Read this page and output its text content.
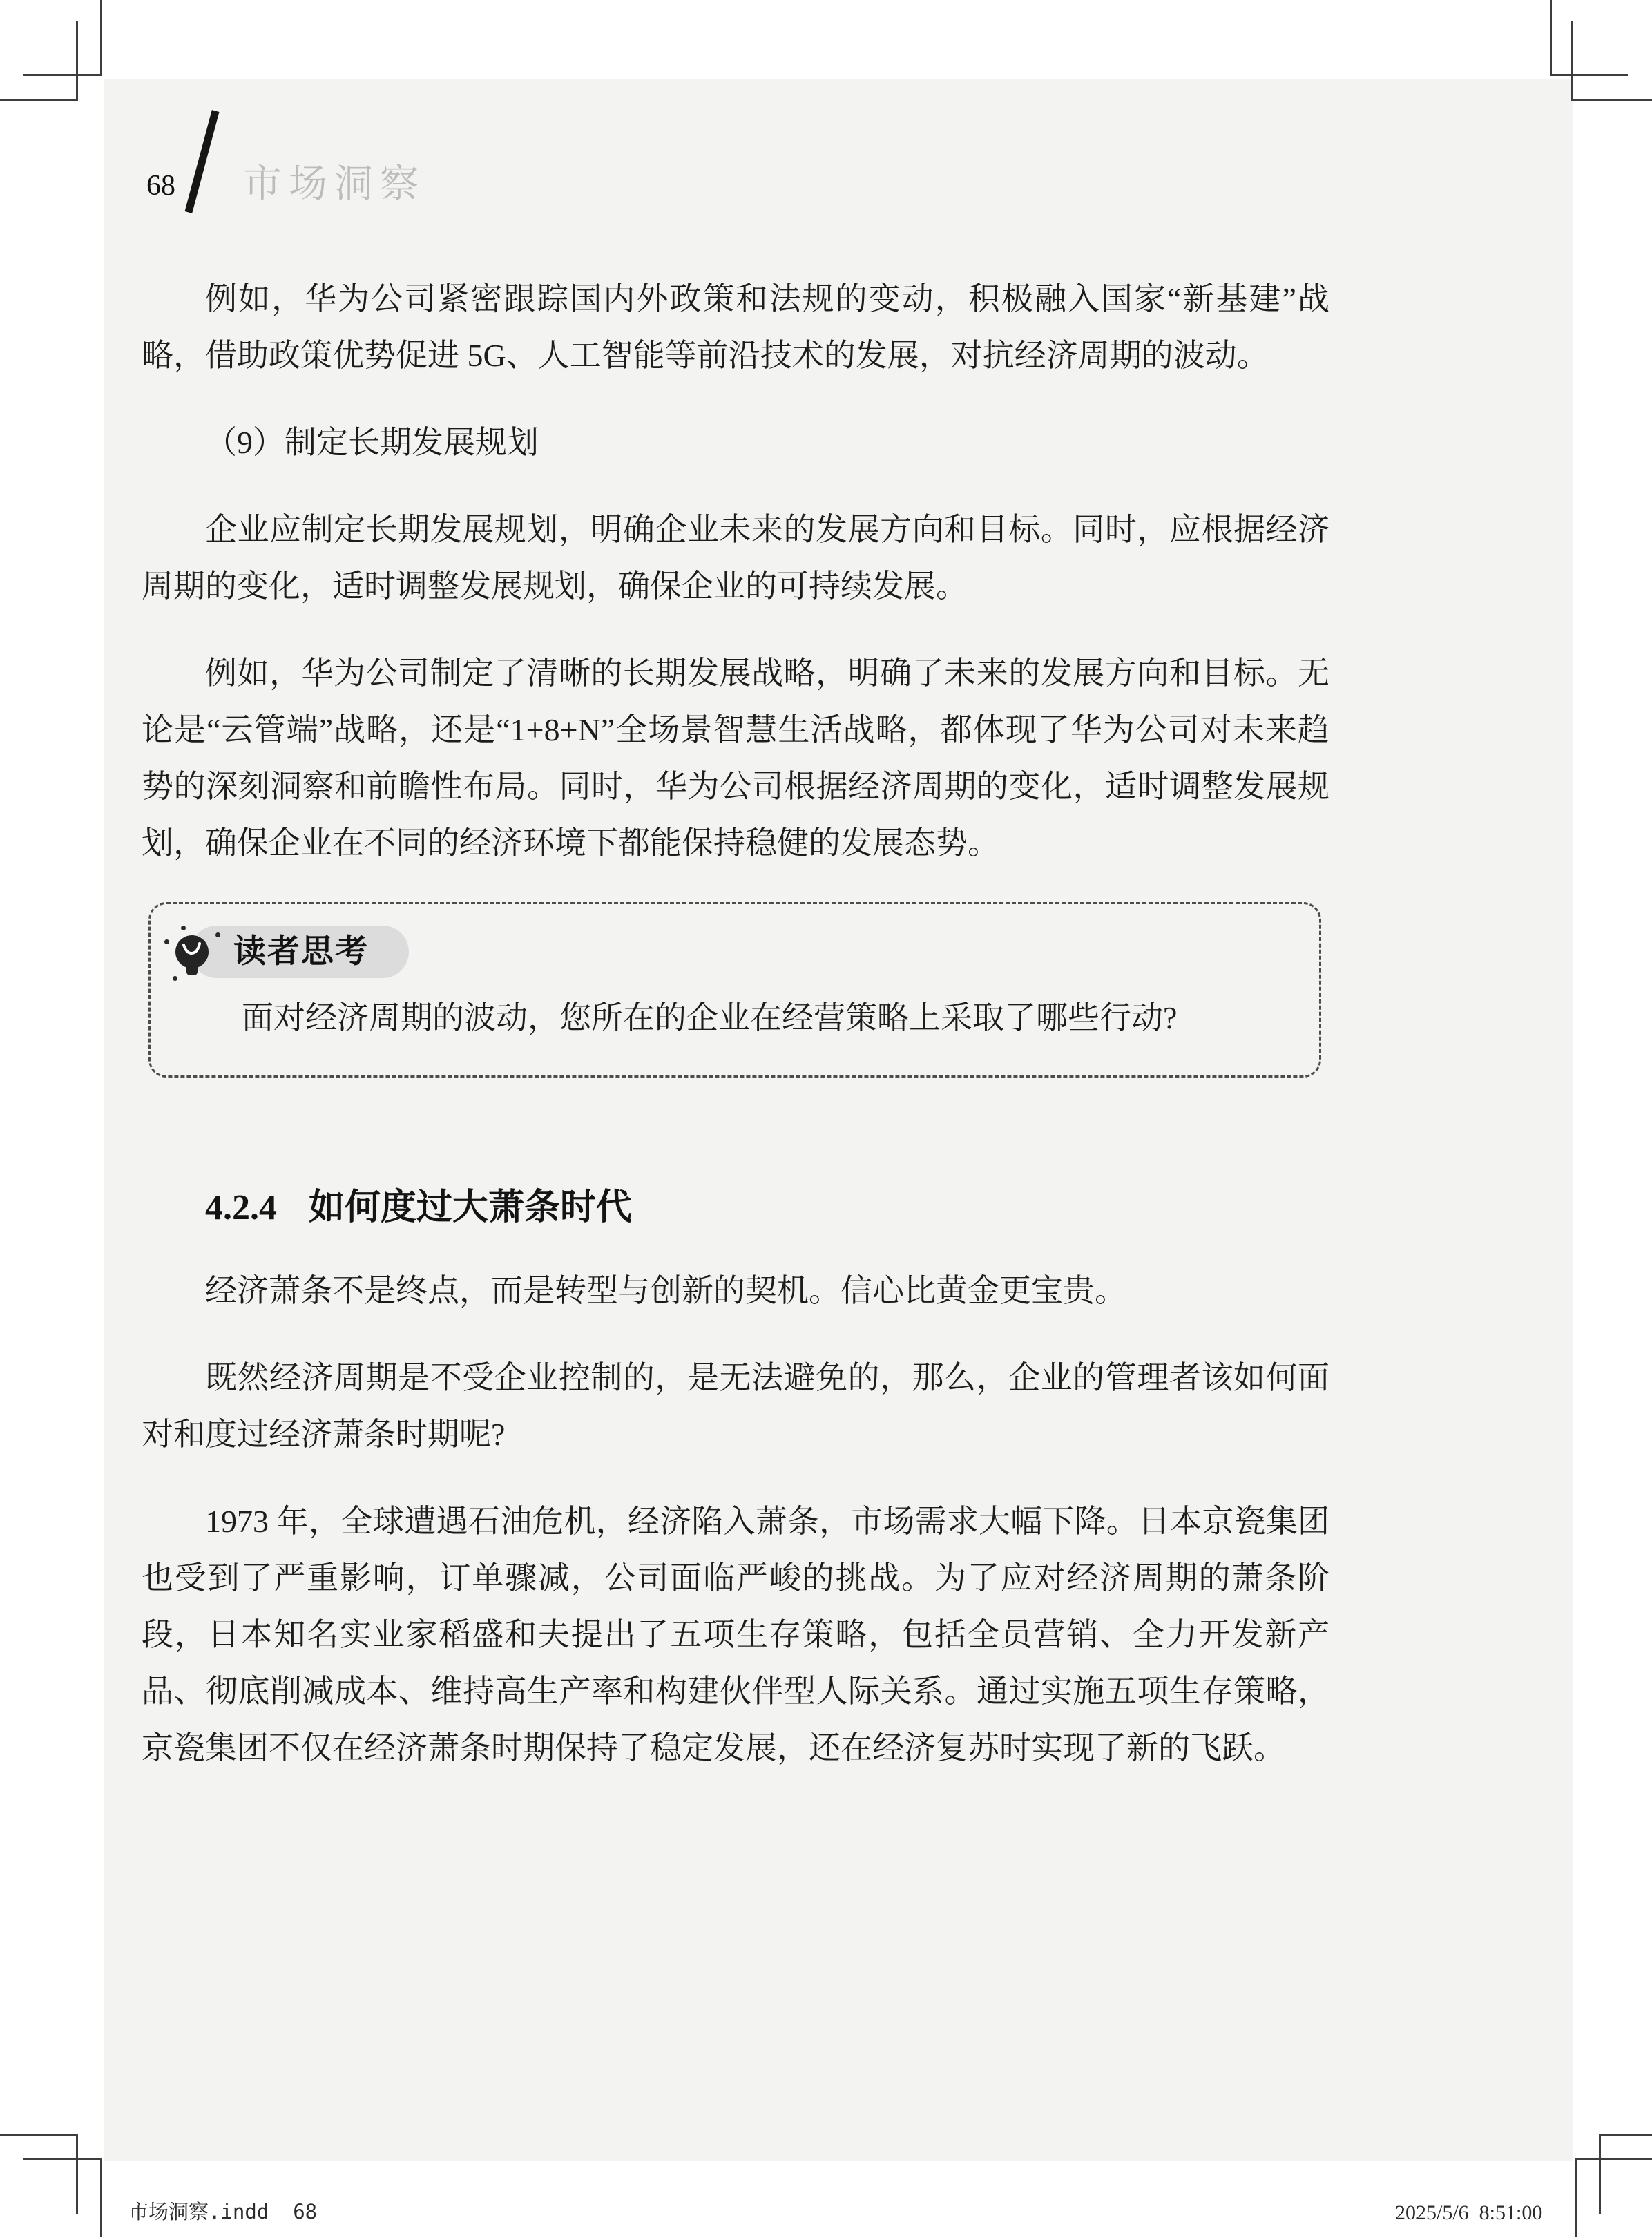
68 市场洞察

例如，华为公司紧密跟踪国内外政策和法规的变动，积极融入国家“新基建”战略，借助政策优势促进 5G、人工智能等前沿技术的发展，对抗经济周期的波动。

（9）制定长期发展规划

企业应制定长期发展规划，明确企业未来的发展方向和目标。同时，应根据经济周期的变化，适时调整发展规划，确保企业的可持续发展。

例如，华为公司制定了清晰的长期发展战略，明确了未来的发展方向和目标。无论是“云管端”战略，还是“1+8+N”全场景智慧生活战略，都体现了华为公司对未来趋势的深刻洞察和前瞻性布局。同时，华为公司根据经济周期的变化，适时调整发展规划，确保企业在不同的经济环境下都能保持稳健的发展态势。

读者思考
面对经济周期的波动，您所在的企业在经营策略上采取了哪些行动?
4.2.4 如何度过大萧条时代

经济萧条不是终点，而是转型与创新的契机。信心比黄金更宝贵。

既然经济周期是不受企业控制的，是无法避免的，那么，企业的管理者该如何面对和度过经济萧条时期呢?

1973 年，全球遭遇石油危机，经济陷入萧条，市场需求大幅下降。日本京瓷集团也受到了严重影响，订单骤减，公司面临严峻的挑战。为了应对经济周期的萧条阶段，日本知名实业家稻盛和夫提出了五项生存策略，包括全员营销、全力开发新产品、彻底削减成本、维持高生产率和构建伙伴型人际关系。通过实施五项生存策略，京瓷集团不仅在经济萧条时期保持了稳定发展，还在经济复苏时实现了新的飞跃。

市场洞察.indd  68	2025/5/6  8:51:00
